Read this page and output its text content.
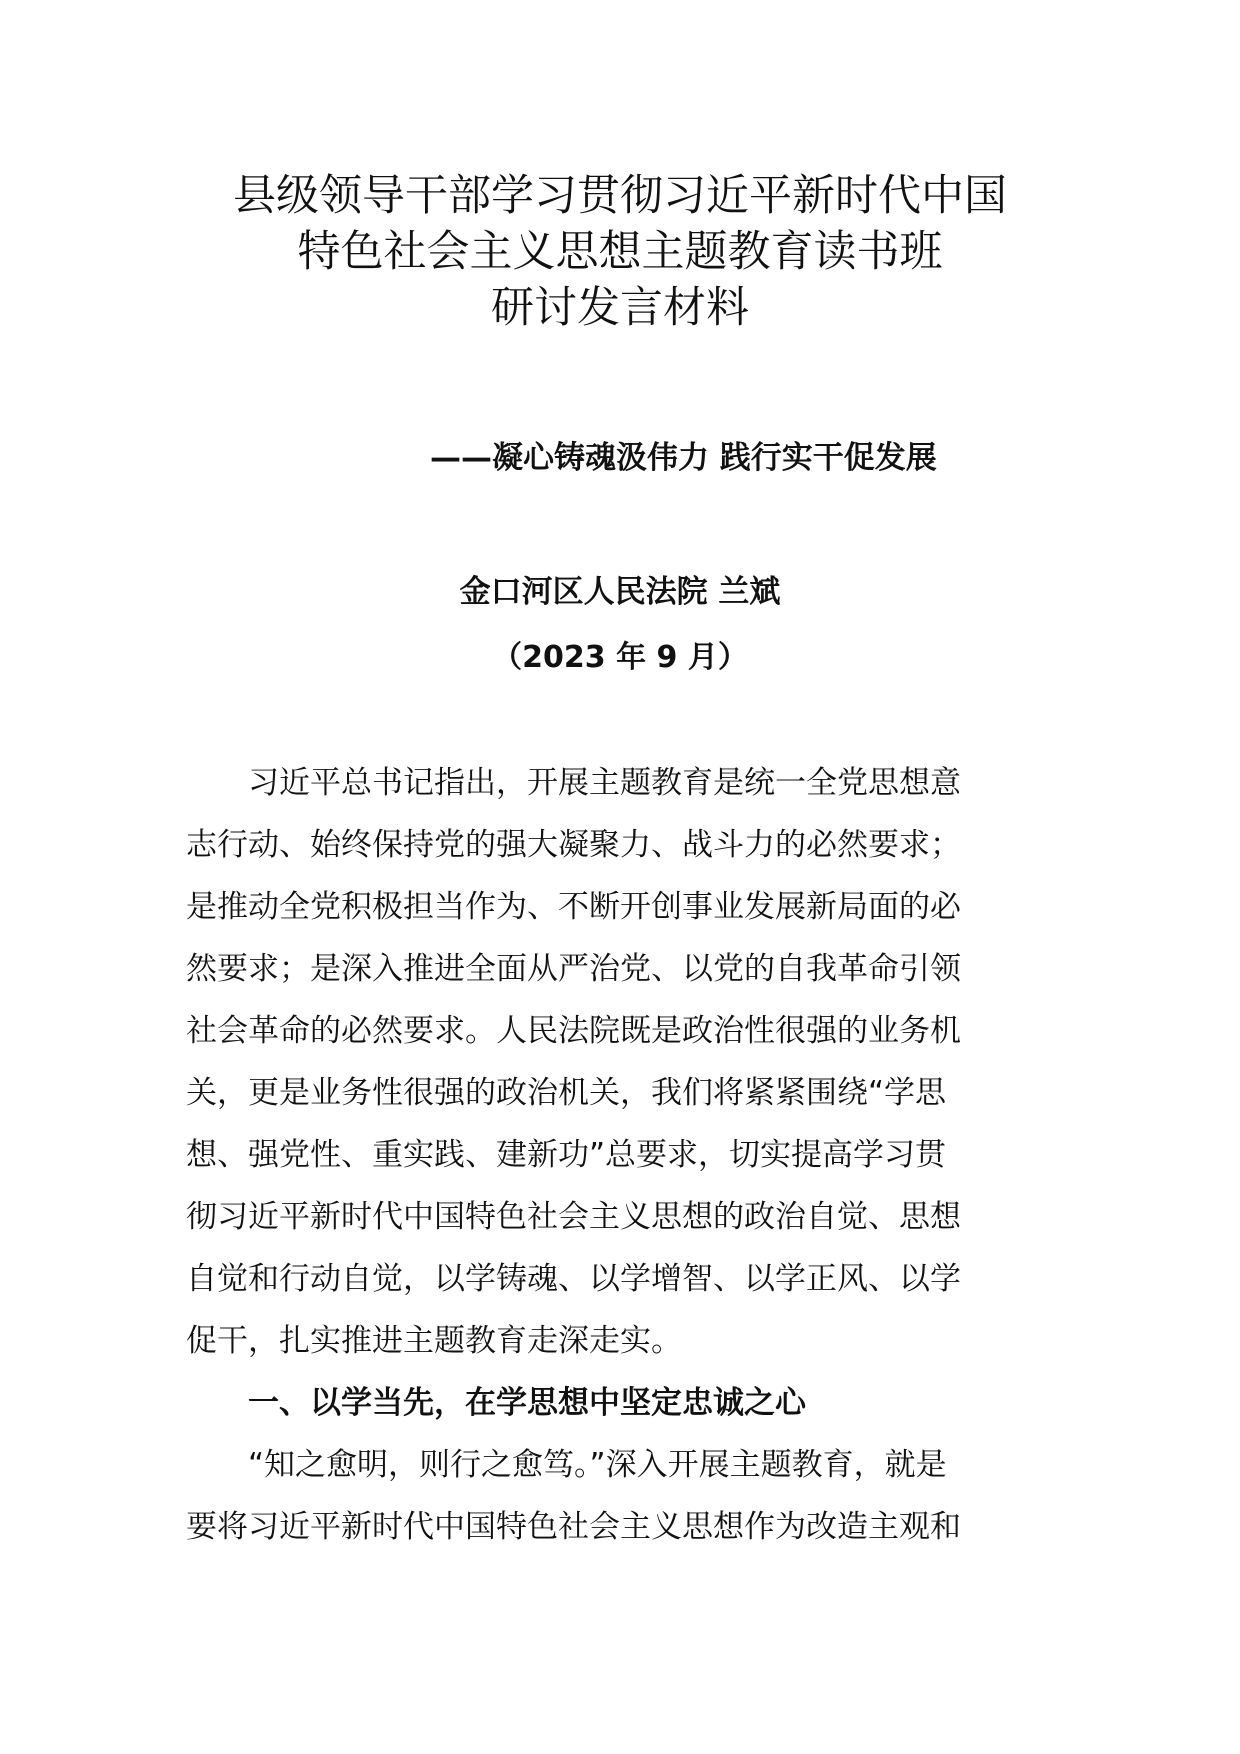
县级领导干部学习贯彻习近平新时代中国
特色社会主义思想主题教育读书班
研讨发言材料
——凝心铸魂汲伟力 践行实干促发展
金口河区人民法院 兰斌
（2023 年 9 月）
　　习近平总书记指出，开展主题教育是统一全党思想意
志行动、始终保持党的强大凝聚力、战斗力的必然要求；
是推动全党积极担当作为、不断开创事业发展新局面的必
然要求；是深入推进全面从严治党、以党的自我革命引领
社会革命的必然要求。人民法院既是政治性很强的业务机
关，更是业务性很强的政治机关，我们将紧紧围绕“学思
想、强党性、重实践、建新功”总要求，切实提高学习贯
彻习近平新时代中国特色社会主义思想的政治自觉、思想
自觉和行动自觉，以学铸魂、以学增智、以学正风、以学
促干，扎实推进主题教育走深走实。
　　一、以学当先，在学思想中坚定忠诚之心
　　“知之愈明，则行之愈笃。”深入开展主题教育，就是
要将习近平新时代中国特色社会主义思想作为改造主观和
